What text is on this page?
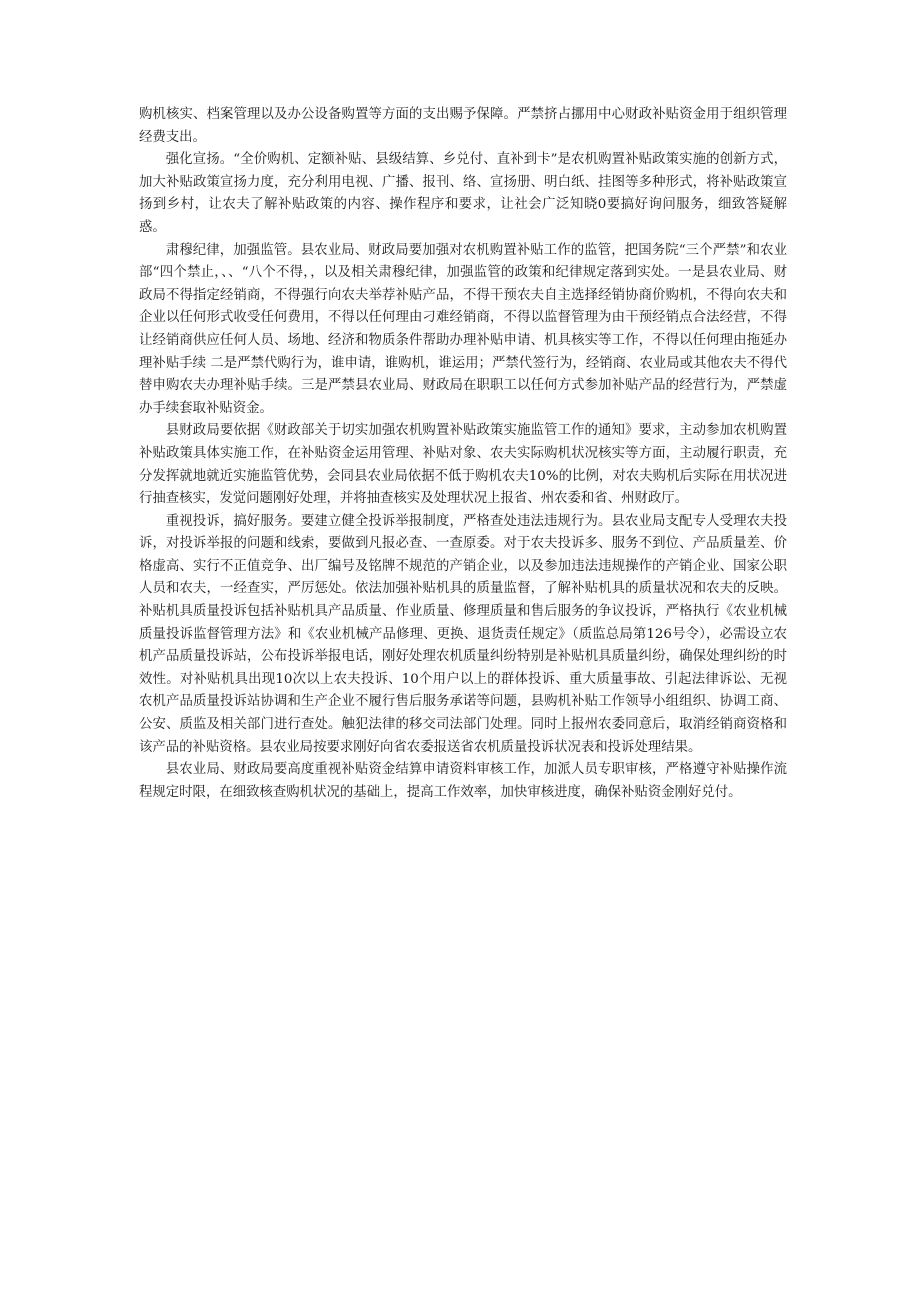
购机核实、档案管理以及办公设备购置等方面的支出赐予保障。严禁挤占挪用中心财政补贴资金用于组织管理经费支出。

强化宣扬。“全价购机、定额补贴、县级结算、乡兑付、直补到卡”是农机购置补贴政策实施的创新方式，加大补贴政策宣扬力度，充分利用电视、广播、报刊、络、宣扬册、明白纸、挂图等多种形式，将补贴政策宣扬到乡村，让农夫了解补贴政策的内容、操作程序和要求，让社会广泛知晓0要搞好询问服务，细致答疑解惑。

肃穆纪律，加强监管。县农业局、财政局要加强对农机购置补贴工作的监管，把国务院“三个严禁”和农业部“四个禁止，、、“八个不得，，以及相关肃穆纪律，加强监管的政策和纪律规定落到实处。一是县农业局、财政局不得指定经销商，不得强行向农夫举荐补贴产品，不得干预农夫自主选择经销协商价购机，不得向农夫和企业以任何形式收受任何费用，不得以任何理由刁难经销商，不得以监督管理为由干预经销点合法经营，不得让经销商供应任何人员、场地、经济和物质条件帮助办理补贴申请、机具核实等工作，不得以任何理由拖延办理补贴手续 二是严禁代购行为，谁申请，谁购机，谁运用；严禁代签行为，经销商、农业局或其他农夫不得代替申购农夫办理补贴手续。三是严禁县农业局、财政局在职职工以任何方式参加补贴产品的经营行为，严禁虚办手续套取补贴资金。

县财政局要依据《财政部关于切实加强农机购置补贴政策实施监管工作的通知》要求，主动参加农机购置补贴政策具体实施工作，在补贴资金运用管理、补贴对象、农夫实际购机状况核实等方面，主动履行职责，充分发挥就地就近实施监管优势，会同县农业局依据不低于购机农夫10%的比例，对农夫购机后实际在用状况进行抽查核实，发觉问题刚好处理，并将抽查核实及处理状况上报省、州农委和省、州财政厅。

重视投诉，搞好服务。要建立健全投诉举报制度，严格查处违法违规行为。县农业局支配专人受理农夫投诉，对投诉举报的问题和线索，要做到凡报必查、一查原委。对于农夫投诉多、服务不到位、产品质量差、价格虚高、实行不正值竞争、出厂编号及铭牌不规范的产销企业，以及参加违法违规操作的产销企业、国家公职人员和农夫，一经查实，严厉惩处。依法加强补贴机具的质量监督，了解补贴机具的质量状况和农夫的反映。补贴机具质量投诉包括补贴机具产品质量、作业质量、修理质量和售后服务的争议投诉，严格执行《农业机械质量投诉监督管理方法》和《农业机械产品修理、更换、退货责任规定》（质监总局第126号令），必需设立农机产品质量投诉站，公布投诉举报电话，刚好处理农机质量纠纷特别是补贴机具质量纠纷，确保处理纠纷的时效性。对补贴机具出现10次以上农夫投诉、10个用户以上的群体投诉、重大质量事故、引起法律诉讼、无视农机产品质量投诉站协调和生产企业不履行售后服务承诺等问题，县购机补贴工作领导小组组织、协调工商、公安、质监及相关部门进行查处。触犯法律的移交司法部门处理。同时上报州农委同意后，取消经销商资格和该产品的补贴资格。县农业局按要求刚好向省农委报送省农机质量投诉状况表和投诉处理结果。

县农业局、财政局要高度重视补贴资金结算申请资料审核工作，加派人员专职审核，严格遵守补贴操作流程规定时限，在细致核查购机状况的基础上，提高工作效率，加快审核进度，确保补贴资金刚好兑付。
